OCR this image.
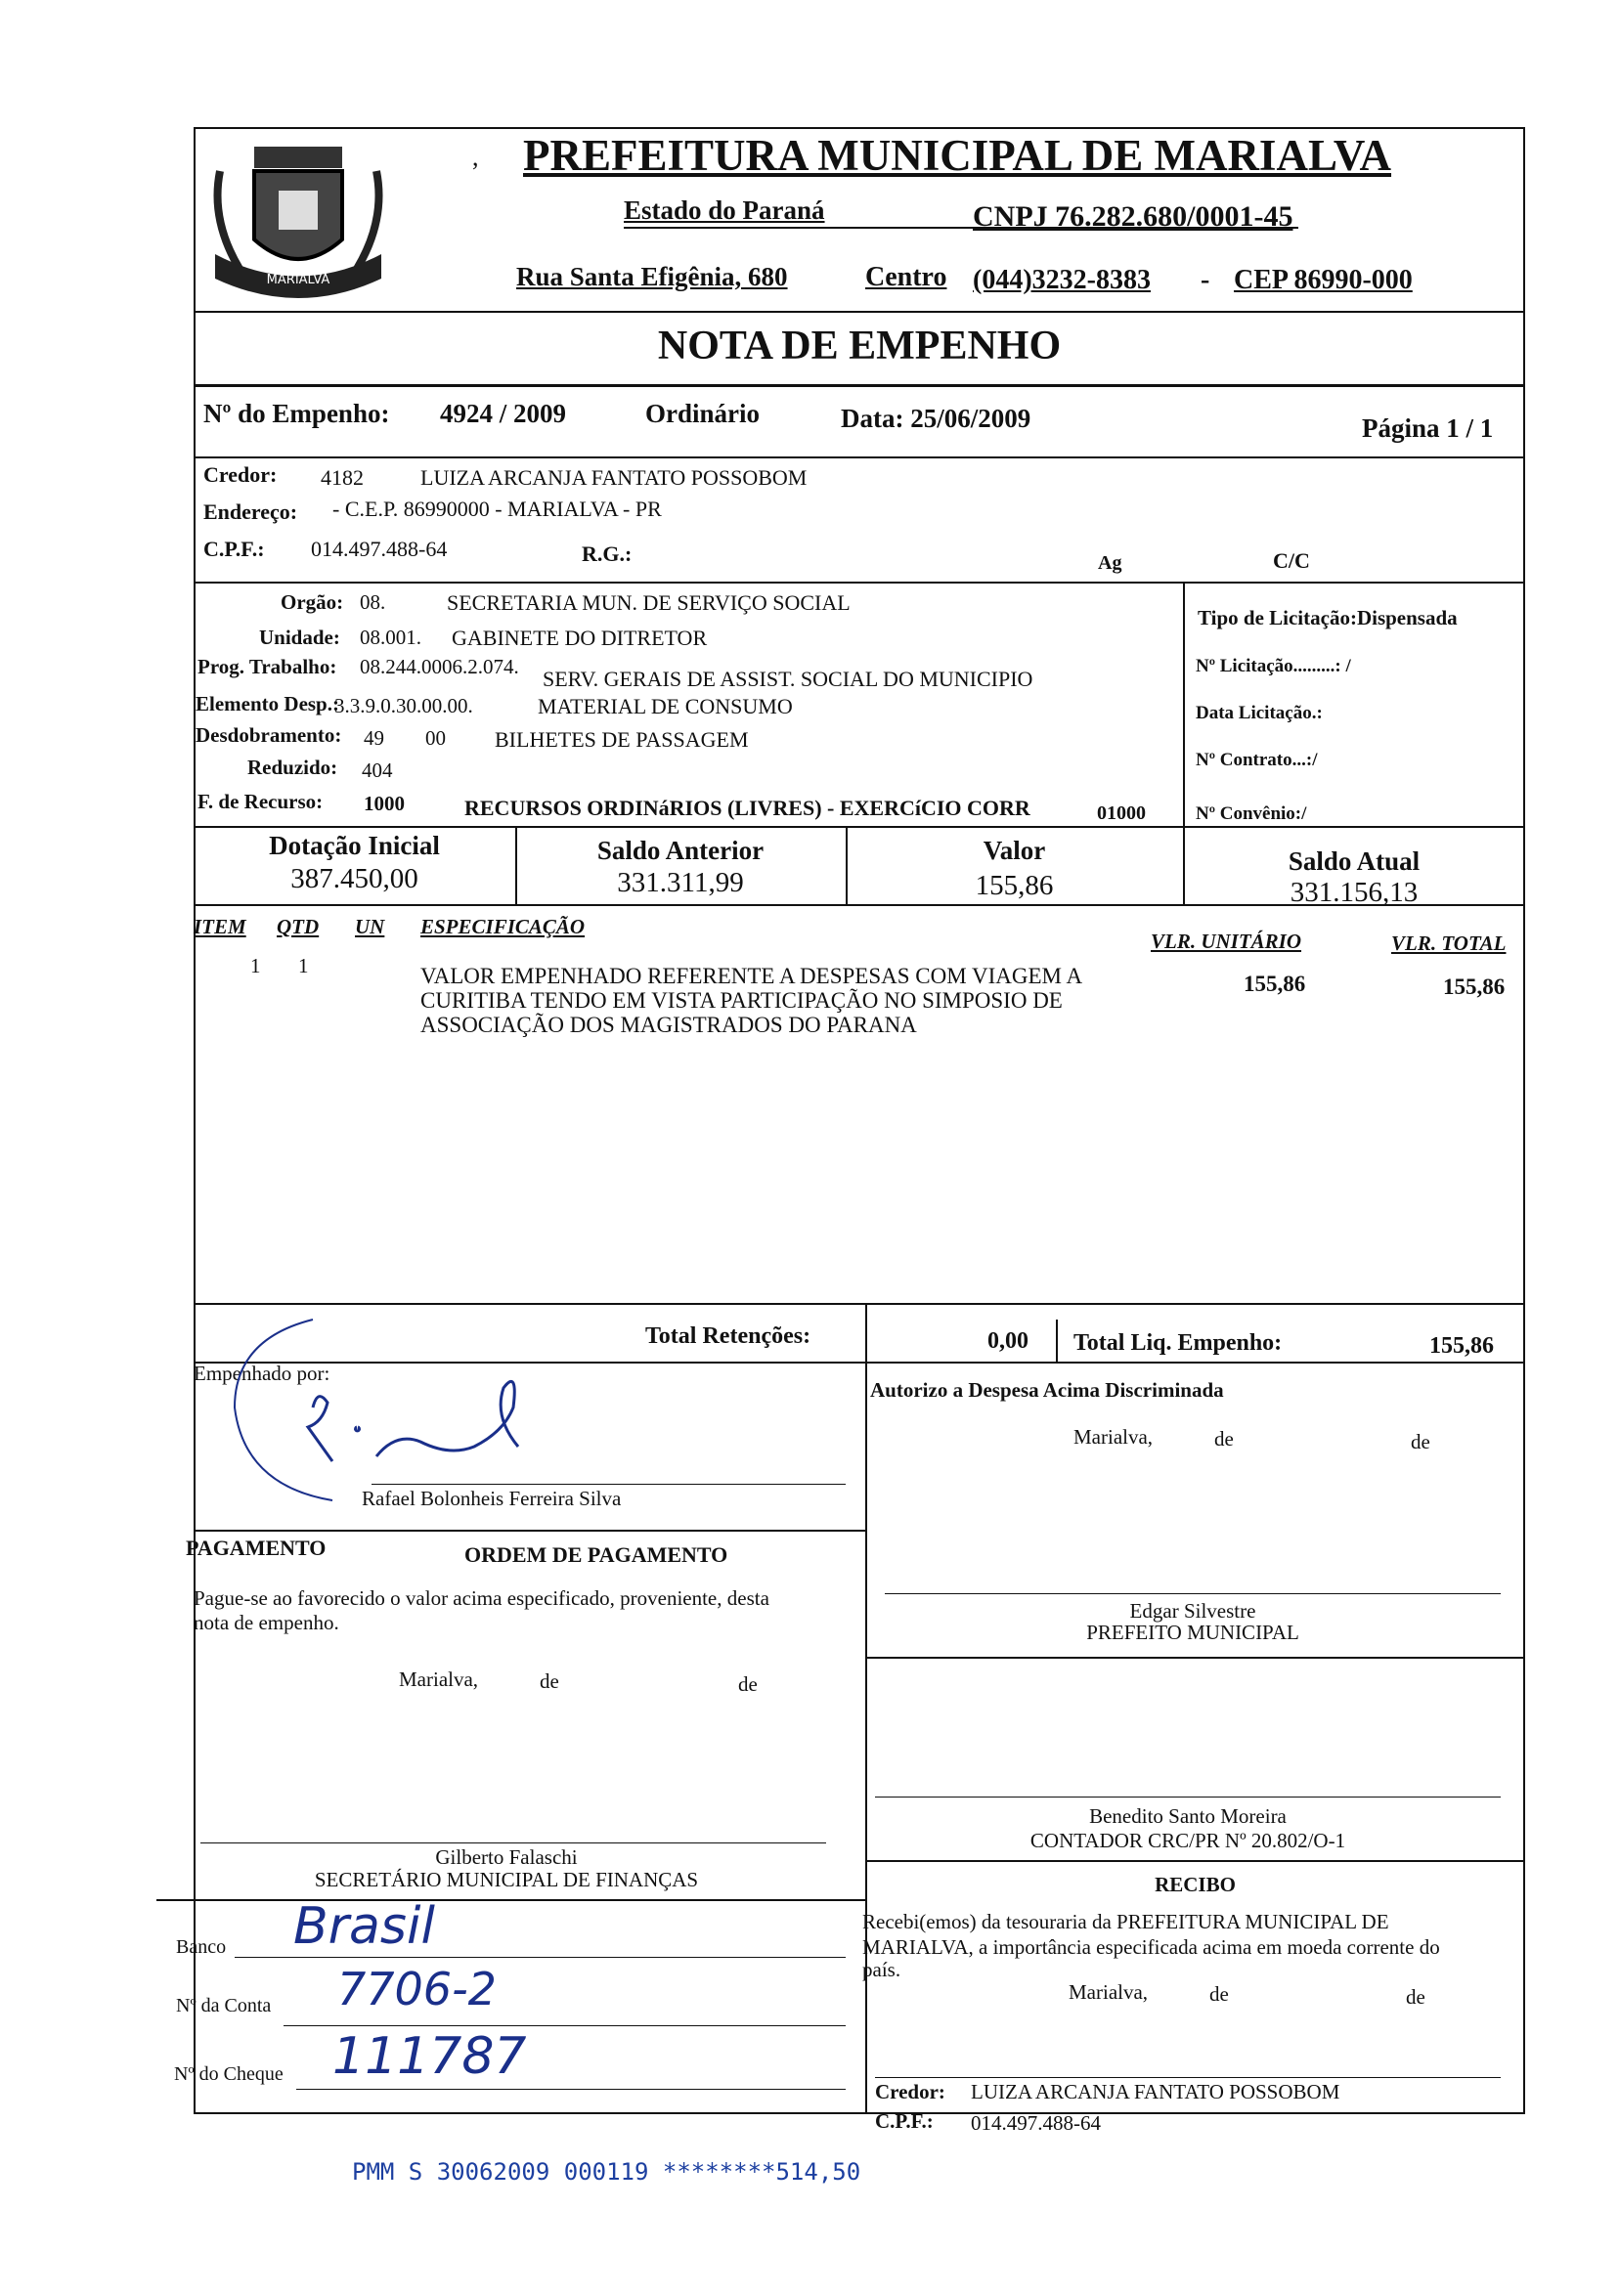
MARIALVA
, PREFEITURA MUNICIPAL DE MARIALVA
Estado do Paraná	CNPJ 76.282.680/0001-45
Rua Santa Efigênia, 680	Centro (044)3232-8383 - CEP 86990-000
NOTA DE EMPENHO
Nº do Empenho: 4924 / 2009	Ordinário	Data: 25/06/2009	Página 1 / 1
Credor: 4182	LUIZA ARCANJA FANTATO POSSOBOM
Endereço: - C.E.P. 86990000 - MARIALVA - PR
C.P.F.: 014.497.488-64	R.G.:	Ag	C/C
Orgão: 08.	SECRETARIA MUN. DE SERVIÇO SOCIAL
Unidade: 08.001. GABINETE DO DITRETOR
Prog. Trabalho: 08.244.0006.2.074. SERV. GERAIS DE ASSIST. SOCIAL DO MUNICIPIO
Elemento Desp.:
3.3.9.0.30.00.00.	MATERIAL DE CONSUMO
Desdobramento: 49 00 BILHETES DE PASSAGEM
Reduzido: 404
F. de Recurso: 1000	RECURSOS ORDINáRIOS (LIVRES) - EXERCíCIO CORR	01000
Tipo de Licitação:Dispensada
Nº Licitação.........: /
Data Licitação.:
Nº Contrato...:/
Nº Convênio:/
Dotação Inicial
387.450,00
Saldo Anterior
331.311,99
Valor
155,86
Saldo Atual
331.156,13
ITEM QTD UN ESPECIFICAÇÃO
VLR. UNITÁRIO	VLR. TOTAL
1 1	VALOR EMPENHADO REFERENTE A DESPESAS COM VIAGEM A
CURITIBA TENDO EM VISTA PARTICIPAÇÃO NO SIMPOSIO DE
ASSOCIAÇÃO DOS MAGISTRADOS DO PARANA
155,86	155,86
Total Retenções:	0,00 Total Liq. Empenho:	155,86
Empenhado por:
Rafael Bolonheis Ferreira Silva
Autorizo a Despesa Acima Discriminada
Marialva,	de	de
PAGAMENTO	ORDEM DE PAGAMENTO
Pague-se ao favorecido o valor acima especificado, proveniente, desta
nota de empenho.
Marialva,	de	de
Edgar Silvestre
PREFEITO MUNICIPAL
Benedito Santo Moreira
CONTADOR CRC/PR Nº 20.802/O-1
Gilberto Falaschi
SECRETÁRIO MUNICIPAL DE FINANÇAS
Banco Brasil
Nº da Conta 7706-2
Nº do Cheque 111787
RECIBO
Recebi(emos) da tesouraria da PREFEITURA MUNICIPAL DE
MARIALVA, a importância especificada acima em moeda corrente do
país.
Marialva,	de	de
Credor: LUIZA ARCANJA FANTATO POSSOBOM
C.P.F.: 014.497.488-64
PMM S 30062009 000119 ********514,50
